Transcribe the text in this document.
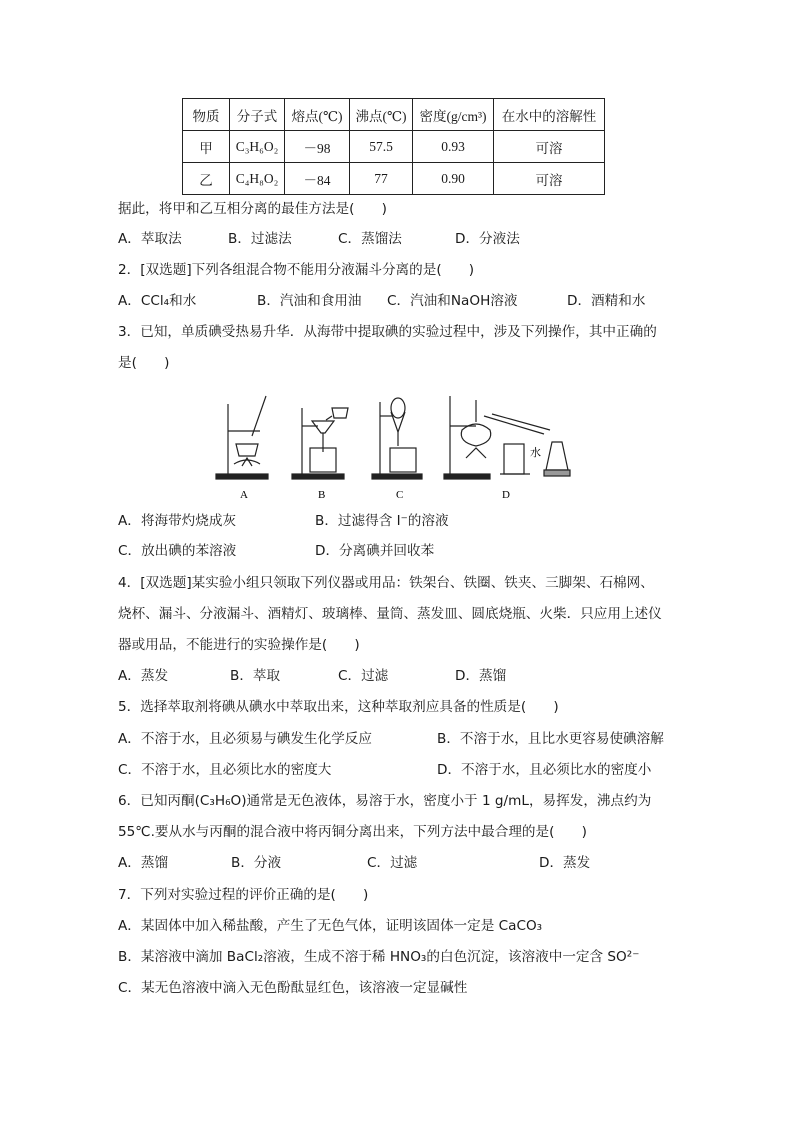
物质	分子式	熔点(℃)	沸点(℃)	密度(g/cm³)	在水中的溶解性
甲	C₃H₆O₂	－98	57.5	0.93	可溶
乙	C₄H₈O₂	－84	77	0.90	可溶
据此，将甲和乙互相分离的最佳方法是(　　)
A．萃取法	B．过滤法	C．蒸馏法	D．分液法
2．[双选题]下列各组混合物不能用分液漏斗分离的是(　　)
A．CCl₄和水	B．汽油和食用油 C．汽油和NaOH溶液	D．酒精和水
3．已知，单质碘受热易升华．从海带中提取碘的实验过程中，涉及下列操作，其中正确的
是(　　)
A	B	C	D
水
A．将海带灼烧成灰	B．过滤得含 I⁻的溶液
C．放出碘的苯溶液	D．分离碘并回收苯
4．[双选题]某实验小组只领取下列仪器或用品：铁架台、铁圈、铁夹、三脚架、石棉网、
烧杯、漏斗、分液漏斗、酒精灯、玻璃棒、量筒、蒸发皿、圆底烧瓶、火柴．只应用上述仪
器或用品，不能进行的实验操作是(　　)
A．蒸发	B．萃取	C．过滤	D．蒸馏
5．选择萃取剂将碘从碘水中萃取出来，这种萃取剂应具备的性质是(　　)
A．不溶于水，且必须易与碘发生化学反应	B．不溶于水，且比水更容易使碘溶解
C．不溶于水，且必须比水的密度大	D．不溶于水，且必须比水的密度小
6．已知丙酮(C₃H₆O)通常是无色液体，易溶于水，密度小于 1 g/mL，易挥发，沸点约为
55℃.要从水与丙酮的混合液中将丙铜分离出来，下列方法中最合理的是(　　)
A．蒸馏	B．分液	C．过滤	D．蒸发
7．下列对实验过程的评价正确的是(　　)
A．某固体中加入稀盐酸，产生了无色气体，证明该固体一定是 CaCO₃
B．某溶液中滴加 BaCl₂溶液，生成不溶于稀 HNO₃的白色沉淀，该溶液中一定含 SO²⁻
C．某无色溶液中滴入无色酚酞显红色，该溶液一定显碱性
